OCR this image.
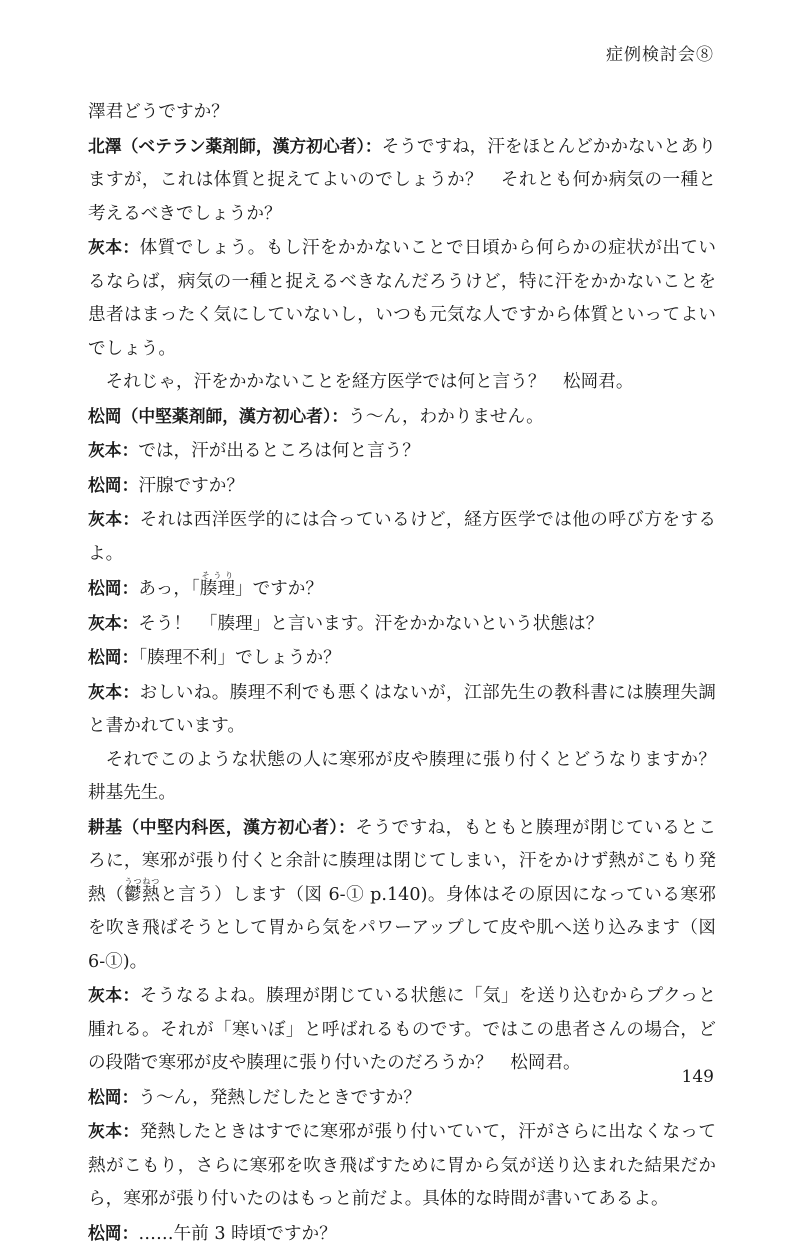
症例検討会⑧

澤君どうですか？

北澤（ベテラン薬剤師，漢方初心者）：そうですね，汗をほとんどかかないとありますが，これは体質と捉えてよいのでしょうか？　それとも何か病気の一種と考えるべきでしょうか？

灰本：体質でしょう。もし汗をかかないことで日頃から何らかの症状が出ているならば，病気の一種と捉えるべきなんだろうけど，特に汗をかかないことを患者はまったく気にしていないし，いつも元気な人ですから体質といってよいでしょう。

それじゃ，汗をかかないことを経方医学では何と言う？　松岡君。

松岡（中堅薬剤師，漢方初心者）：う～ん，わかりません。

灰本：では，汗が出るところは何と言う？

松岡：汗腺ですか？

灰本：それは西洋医学的には合っているけど，経方医学では他の呼び方をするよ。

松岡：あっ，「腠理そうり」ですか？

灰本：そう！　「腠理」と言います。汗をかかないという状態は？

松岡：「腠理不利」でしょうか？

灰本：おしいね。腠理不利でも悪くはないが，江部先生の教科書には腠理失調と書かれています。

それでこのような状態の人に寒邪が皮や腠理に張り付くとどうなりますか？　耕基先生。

耕基（中堅内科医，漢方初心者）：そうですね，もともと腠理が閉じているところに，寒邪が張り付くと余計に腠理は閉じてしまい，汗をかけず熱がこもり発熱（鬱熱うつねつと言う）します（図 6-① p.140)。身体はその原因になっている寒邪を吹き飛ばそうとして胃から気をパワーアップして皮や肌へ送り込みます（図 6-①)。

灰本：そうなるよね。腠理が閉じている状態に「気」を送り込むからプクっと腫れる。それが「寒いぼ」と呼ばれるものです。ではこの患者さんの場合，どの段階で寒邪が皮や腠理に張り付いたのだろうか？　松岡君。

松岡：う～ん，発熱しだしたときですか？

灰本：発熱したときはすでに寒邪が張り付いていて，汗がさらに出なくなって熱がこもり，さらに寒邪を吹き飛ばすために胃から気が送り込まれた結果だから，寒邪が張り付いたのはもっと前だよ。具体的な時間が書いてあるよ。

松岡：……午前 3 時頃ですか？

149
